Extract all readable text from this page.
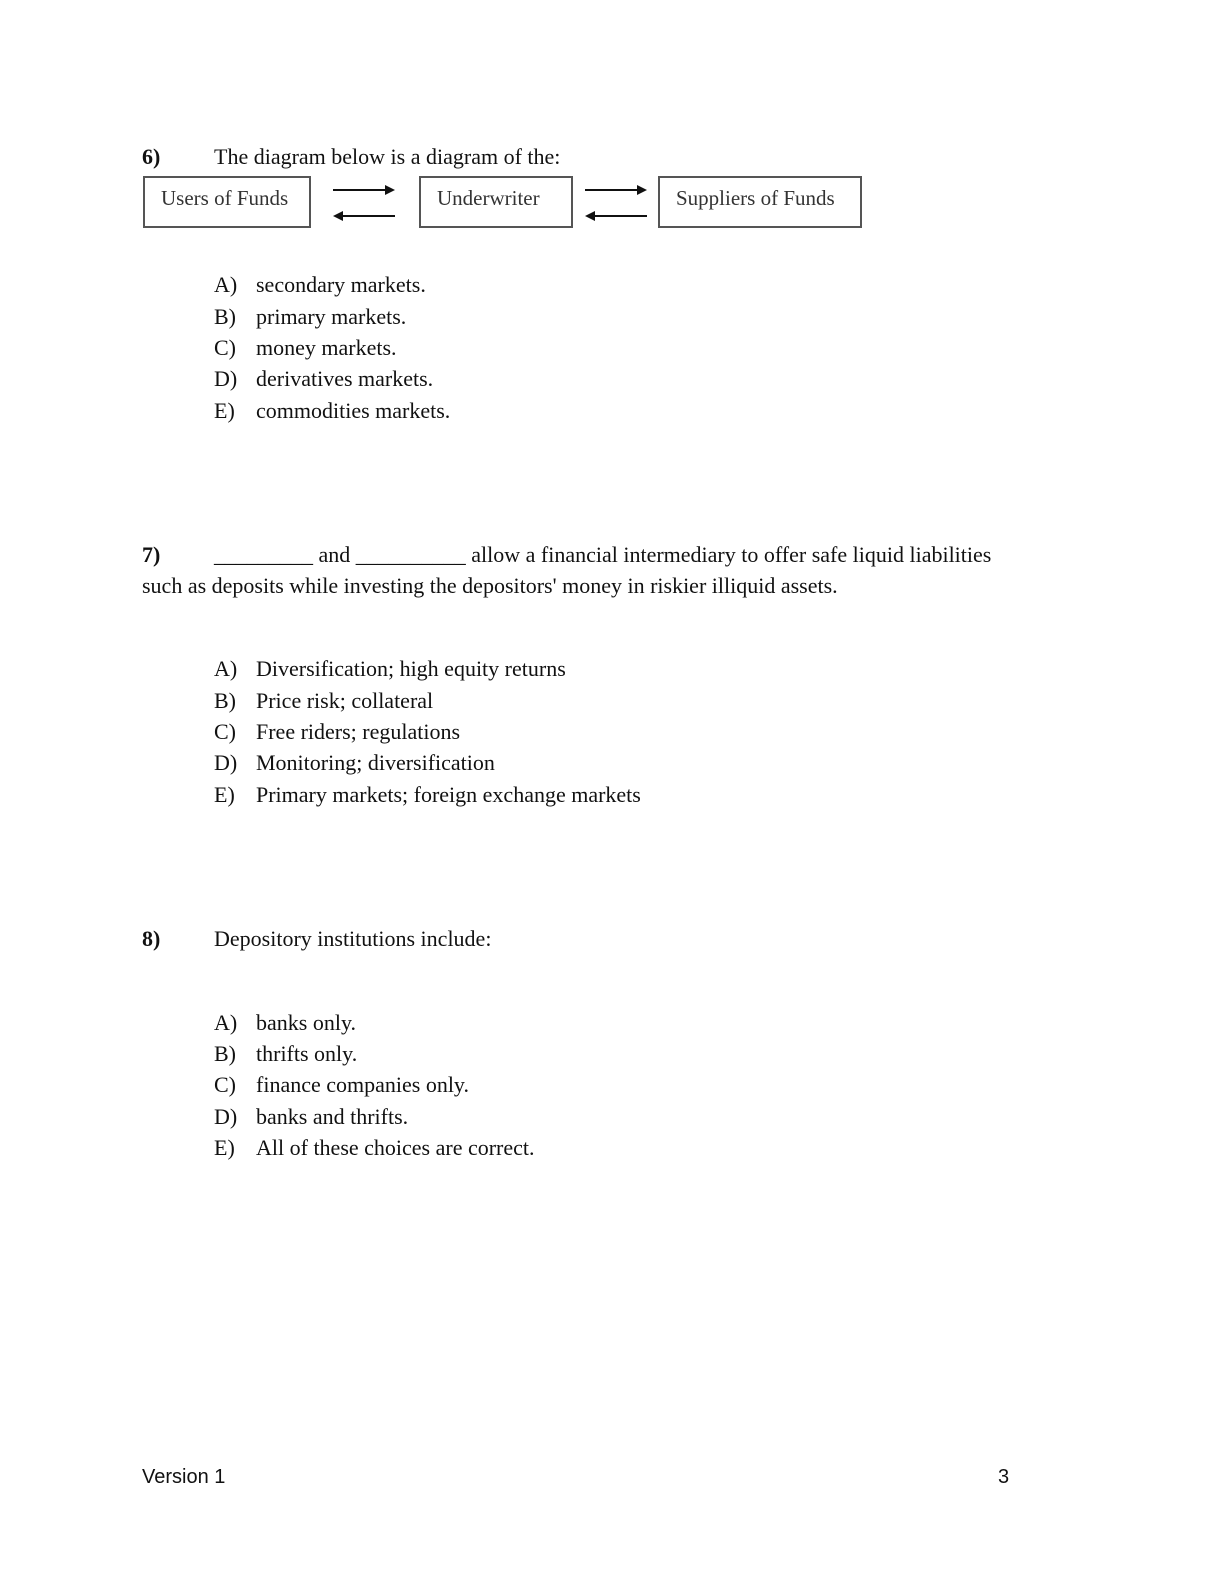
6) The diagram below is a diagram of the:
Users of Funds	Underwriter	Suppliers of Funds
A) secondary markets.
B) primary markets.
C) money markets.
D) derivatives markets.
E) commodities markets.
7) _________ and __________ allow a financial intermediary to offer safe liquid liabilities
such as deposits while investing the depositors' money in riskier illiquid assets.
A) Diversification; high equity returns
B) Price risk; collateral
C) Free riders; regulations
D) Monitoring; diversification
E) Primary markets; foreign exchange markets
8) Depository institutions include:
A) banks only.
B) thrifts only.
C) finance companies only.
D) banks and thrifts.
E) All of these choices are correct.
Version 1	3
